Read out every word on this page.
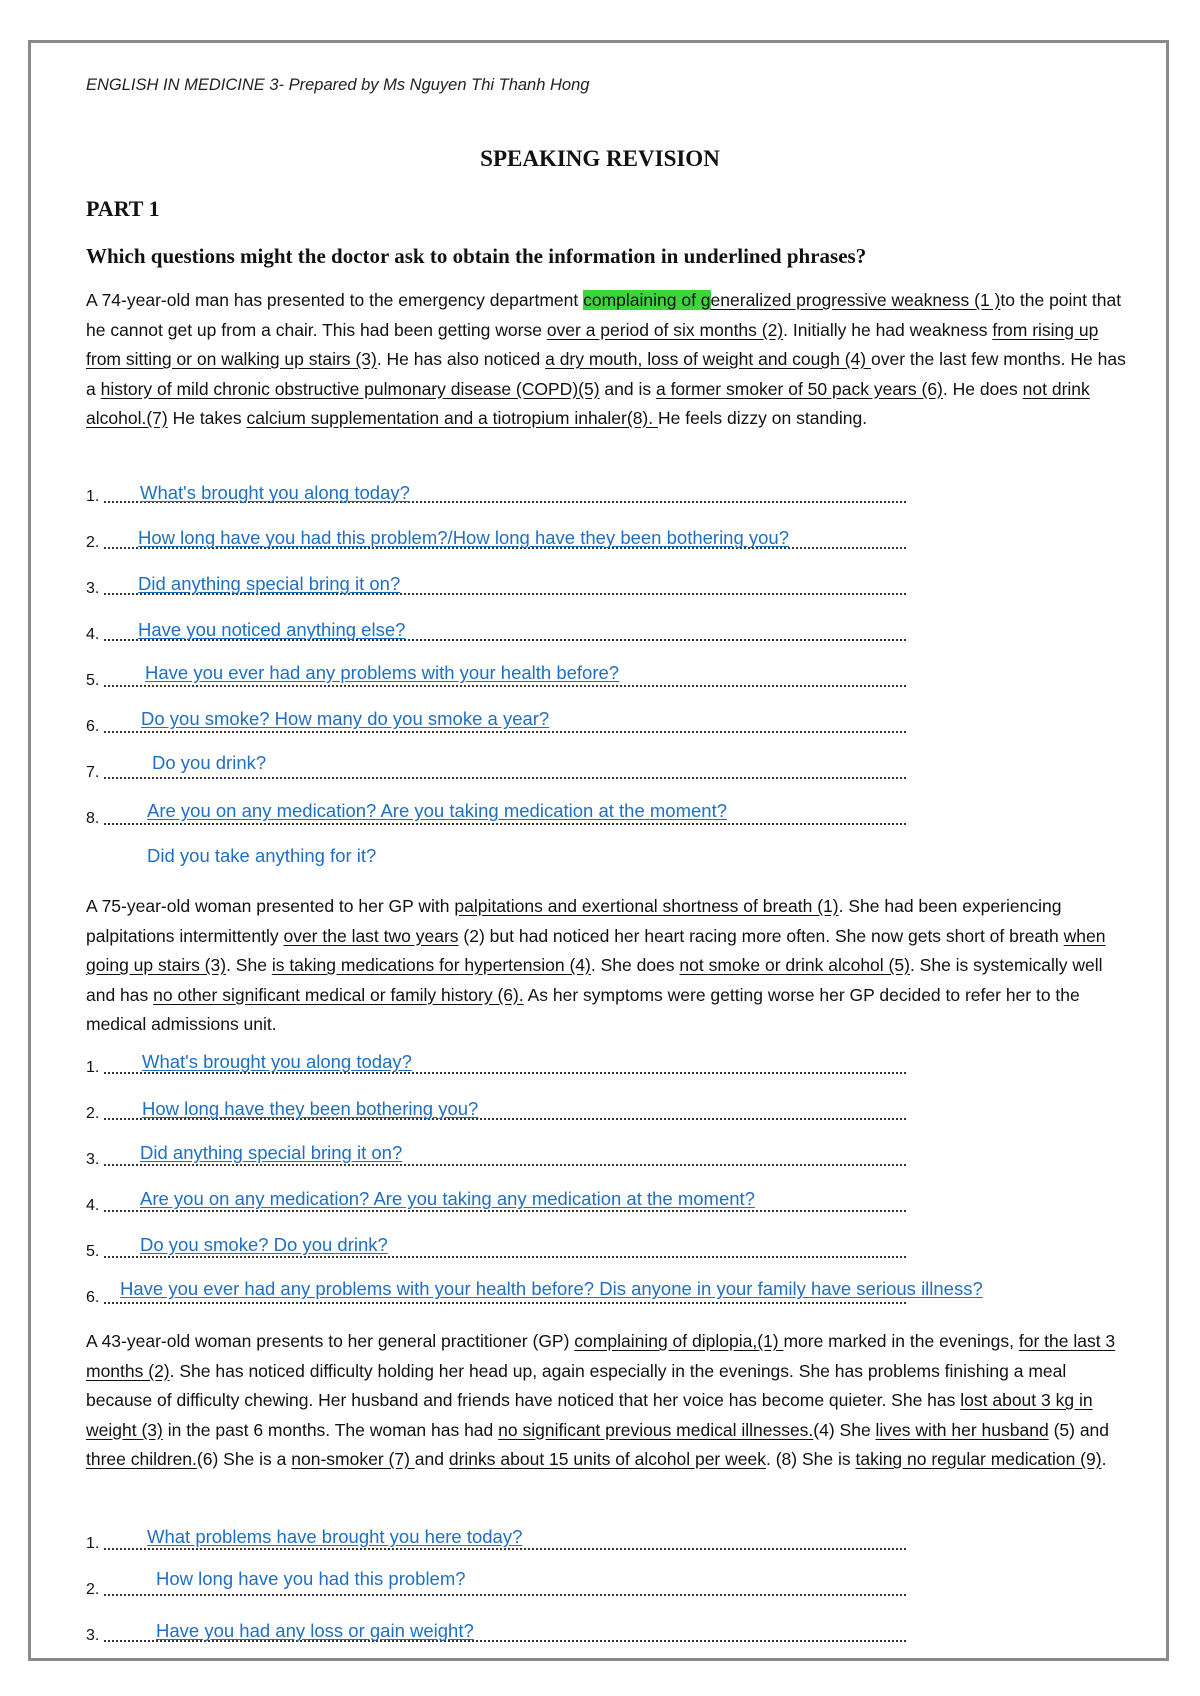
ENGLISH IN MEDICINE 3- Prepared by Ms Nguyen Thi Thanh Hong
SPEAKING REVISION
PART 1
Which questions might the doctor ask to obtain the information in underlined phrases?
A 74-year-old man has presented to the emergency department complaining of generalized progressive weakness (1 )to the point that he cannot get up from a chair. This had been getting worse over a period of six months (2). Initially he had weakness from rising up from sitting or on walking up stairs (3). He has also noticed a dry mouth, loss of weight and cough (4) over the last few months. He has a history of mild chronic obstructive pulmonary disease (COPD)(5) and is a former smoker of 50 pack years (6). He does not drink alcohol.(7) He takes calcium supplementation and a tiotropium inhaler(8). He feels dizzy on standing.
1. What's brought you along today?
2. How long have you had this problem?/How long have they been bothering you?
3. Did anything special bring it on?
4. Have you noticed anything else?
5. Have you ever had any problems with your health before?
6. Do you smoke? How many do you smoke a year?
7.	Do you drink?
8.	Are you on any medication? Are you taking medication at the moment?
Did you take anything for it?
A 75-year-old woman presented to her GP with palpitations and exertional shortness of breath (1). She had been experiencing palpitations intermittently over the last two years (2) but had noticed her heart racing more often. She now gets short of breath when going up stairs (3). She is taking medications for hypertension (4). She does not smoke or drink alcohol (5). She is systemically well and has no other significant medical or family history (6). As her symptoms were getting worse her GP decided to refer her to the medical admissions unit.
1. What's brought you along today?
2. How long have they been bothering you?
3. Did anything special bring it on?
4. Are you on any medication? Are you taking any medication at the moment?
5. Do you smoke? Do you drink?
6. Have you ever had any problems with your health before? Dis anyone in your family have serious illness?
A 43-year-old woman presents to her general practitioner (GP) complaining of diplopia,(1) more marked in the evenings, for the last 3 months (2). She has noticed difficulty holding her head up, again especially in the evenings. She has problems finishing a meal because of difficulty chewing. Her husband and friends have noticed that her voice has become quieter. She has lost about 3 kg in weight (3) in the past 6 months. The woman has had no significant previous medical illnesses.(4) She lives with her husband (5) and three children.(6) She is a non-smoker (7) and drinks about 15 units of alcohol per week. (8) She is taking no regular medication (9).
1.	What problems have brought you here today?
2.
How long have you had this problem?
3.	Have you had any loss or gain weight?
